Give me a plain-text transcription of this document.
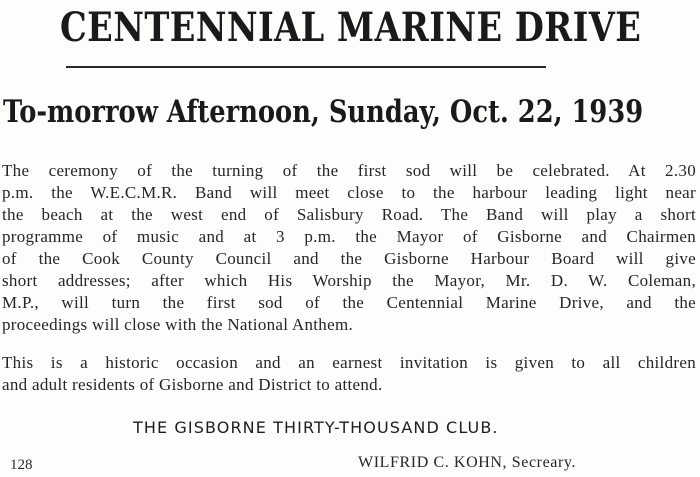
CENTENNIAL MARINE DRIVE
To-morrow Afternoon, Sunday, Oct. 22, 1939

The ceremony of the turning of the first sod will be celebrated. At 2.30
p.m. the W.E.C.M.R. Band will meet close to the harbour leading light near
the beach at the west end of Salisbury Road. The Band will play a short
programme of music and at 3 p.m. the Mayor of Gisborne and Chairmen
of the Cook County Council and the Gisborne Harbour Board will give
short addresses; after which His Worship the Mayor, Mr. D. W. Coleman,
M.P., will turn the first sod of the Centennial Marine Drive, and the
proceedings will close with the National Anthem.

This is a historic occasion and an earnest invitation is given to all children
and adult residents of Gisborne and District to attend.

THE GISBORNE THIRTY-THOUSAND CLUB.
128	WILFRID C. KOHN, Secreary.
